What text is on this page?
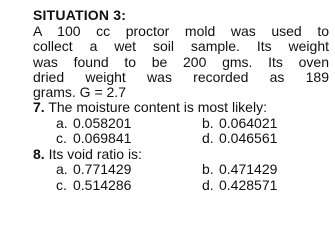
SITUATION 3:
A 100 cc proctor mold was used to
collect a wet soil sample. Its weight
was found to be 200 gms. Its oven
dried weight was recorded as 189
grams. G = 2.7
7. The moisture content is most likely:
a. 0.058201	b. 0.064021
c. 0.069841	d. 0.046561
8. Its void ratio is:
a. 0.771429	b. 0.471429
c. 0.514286	d. 0.428571
